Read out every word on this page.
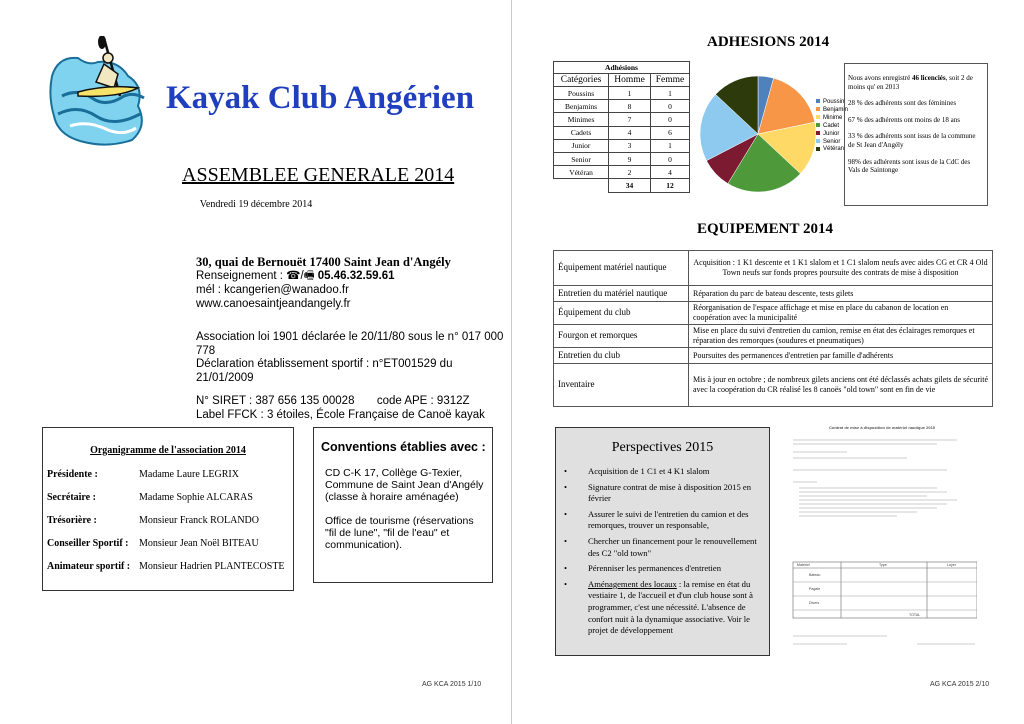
Kayak Club Angérien
ASSEMBLEE GENERALE 2014
Vendredi 19 décembre 2014
30, quai de Bernouët 17400 Saint Jean d'Angély
Renseignement : ☎/🖷 05.46.32.59.61
mél : kcangerien@wanadoo.fr
www.canoesaintjeandangely.fr
Association loi 1901 déclarée le 20/11/80 sous le n° 017 000 778
Déclaration établissement sportif : n°ET001529 du 21/01/2009
N° SIRET : 387 656 135 00028       code APE : 9312Z
Label FFCK : 3 étoiles, École Française de Canoë kayak
Organigramme de l'association 2014
Présidente :	Madame Laure LEGRIX
Secrétaire :	Madame Sophie ALCARAS
Trésorière :	Monsieur Franck ROLANDO
Conseiller Sportif : Monsieur Jean Noël BITEAU
Animateur sportif : Monsieur Hadrien PLANTECOSTE
Conventions établies avec :

CD C-K 17, Collège G-Texier, Commune de Saint Jean d'Angély (classe à horaire aménagée)

Office de tourisme (réservations "fil de lune", "fil de l'eau" et communication).

AG KCA 2015 1/10
ADHESIONS 2014
Adhésions		
Catégories	Homme	Femme
Poussins	1	1
Benjamins	8	0
Minimes	7	0
Cadets	4	6
Junior	3	1
Senior	9	0
Vétéran	2	4
	34	12
Poussin
Benjamin
Minime
Cadet
Junior
Senior
Vétéran

Nous avons enregistré 46 licenciés, soit 2 de moins qu' en 2013

28 % des adhérents sont des féminines

67 % des adhérents ont moins de 18 ans

33 % des adhérents sont issus de la commune de St Jean d'Angély

98% des adhérents sont issus de la CdC des Vals de Saintonge

EQUIPEMENT 2014
Équipement matériel nautique	Acquisition : 1 K1 descente et 1 K1 slalom et 1 C1 slalom neufs avec aides CG et CR 4 Old Town neufs sur fonds propres poursuite des contrats de mise à disposition
Entretien du matériel nautique	Réparation du parc de bateau descente, tests gilets
Équipement du club	Réorganisation de l'espace affichage et mise en place du cabanon de location en coopération avec la municipalité
Fourgon et remorques	Mise en place du suivi d'entretien du camion, remise en état des éclairages remorques et réparation des remorques (soudures et pneumatiques)
Entretien du club	Poursuites des permanences d'entretien par famille d'adhérents
Inventaire	Mis à jour en octobre ; de nombreux gilets anciens ont été déclassés achats gilets de sécurité avec la coopération du CR réalisé les 8 canoës "old town" sont en fin de vie
Perspectives 2015
• Acquisition de 1 C1 et 4 K1 slalom
• Signature contrat de mise à disposition 2015 en février
• Assurer le suivi de l'entretien du camion et des remorques, trouver un responsable,
• Chercher un financement pour le renouvellement des C2 "old town"
• Pérenniser les permanences d'entretien
• Aménagement des locaux : la remise en état du vestiaire 1, de l'accueil et d'un club house sont à programmer, c'est une nécessité. L'absence de confort nuit à la dynamique associative. Voir le projet de développement
Contrat de mise à disposition de matériel nautique 2015
Matériel	Type	Loyer
Bateau
Pagaie
Divers
TOTAL
AG KCA 2015 2/10
